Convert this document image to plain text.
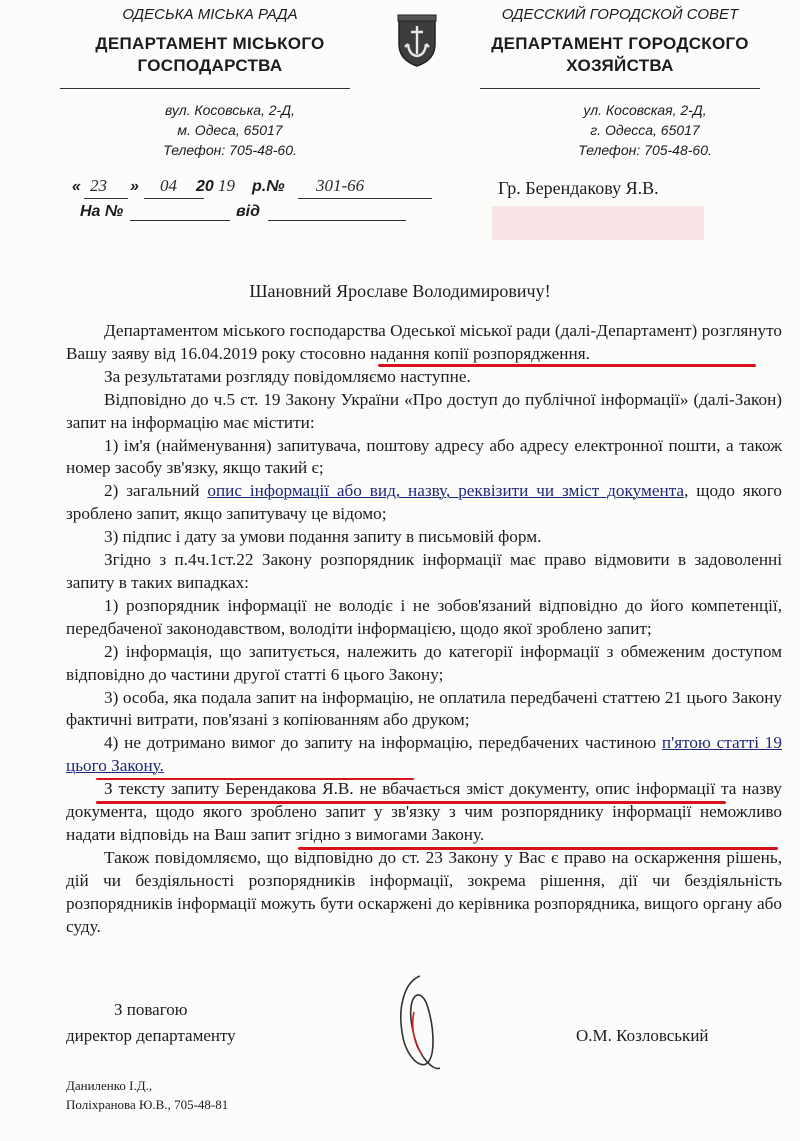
ОДЕСЬКА МІСЬКА РАДА
ДЕПАРТАМЕНТ МІСЬКОГО
ГОСПОДАРСТВА
вул. Косовська, 2-Д,
м. Одеса, 65017
Телефон: 705-48-60.
ОДЕССКИЙ ГОРОДСКОЙ СОВЕТ
ДЕПАРТАМЕНТ ГОРОДСКОГО
ХОЗЯЙСТВА
ул. Косовская, 2-Д,
г. Одесса, 65017
Телефон: 705-48-60.
« 23 » 04 20 19 р.№ 301-66
На №	від
Гр. Берендакову Я.В.
Шановний Ярославе Володимировичу!

Департаментом міського господарства Одеської міської ради (далі-Департамент) розглянуто Вашу заяву від 16.04.2019 року стосовно надання копії розпорядження.

За результатами розгляду повідомляємо наступне.

Відповідно до ч.5 ст. 19 Закону України «Про доступ до публічної інформації» (далі-Закон) запит на інформацію має містити:

1) ім'я (найменування) запитувача, поштову адресу або адресу електронної пошти, а також номер засобу зв'язку, якщо такий є;

2) загальний опис інформації або вид, назву, реквізити чи зміст документа, щодо якого зроблено запит, якщо запитувачу це відомо;

3) підпис і дату за умови подання запиту в письмовій форм.

Згідно з п.4ч.1ст.22 Закону розпорядник інформації має право відмовити в задоволенні запиту в таких випадках:

1) розпорядник інформації не володіє і не зобов'язаний відповідно до його компетенції, передбаченої законодавством, володіти інформацією, щодо якої зроблено запит;

2) інформація, що запитується, належить до категорії інформації з обмеженим доступом відповідно до частини другої статті 6 цього Закону;

3) особа, яка подала запит на інформацію, не оплатила передбачені статтею 21 цього Закону фактичні витрати, пов'язані з копіюванням або друком;

4) не дотримано вимог до запиту на інформацію, передбачених частиною п'ятою статті 19 цього Закону.

З тексту запиту Берендакова Я.В. не вбачається зміст документу, опис інформації та назву документа, щодо якого зроблено запит у зв'язку з чим розпоряднику інформації неможливо надати відповідь на Ваш запит згідно з вимогами Закону.

Також повідомляємо, що відповідно до ст. 23 Закону у Вас є право на оскарження рішень, дій чи бездіяльності розпорядників інформації, зокрема рішення, дії чи бездіяльність розпорядників інформації можуть бути оскаржені до керівника розпорядника, вищого органу або суду.

З повагою
директор департаменту	О.М. Козловський
Даниленко І.Д.,
Поліхранова Ю.В., 705-48-81
